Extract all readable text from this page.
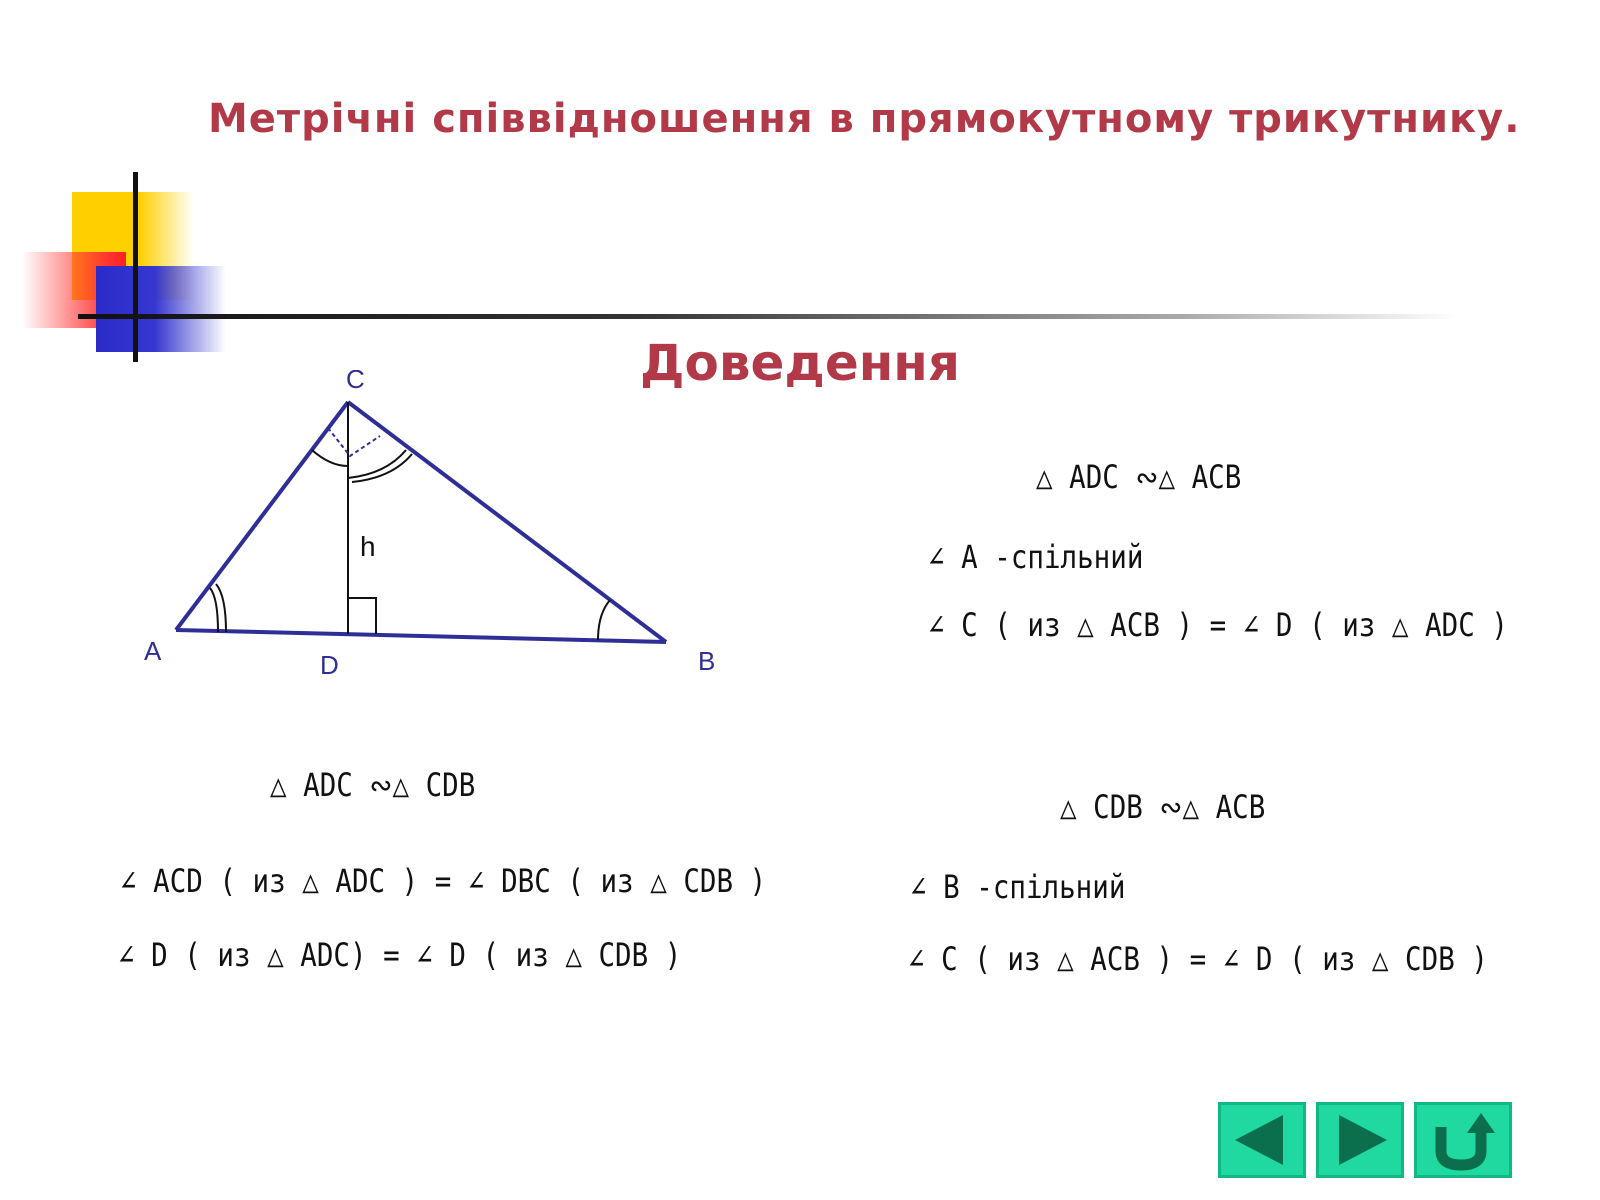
Метрічні співвідношення в прямокутному трикутнику.
Доведення
C
A	D	B
h
△ ADC ∾△ ACB
∠ A -спільний
∠ C ( из △ ACB ) = ∠ D ( из △ ADC )
△ ADC ∾△ CDB
∠ ACD ( из △ ADC ) = ∠ DBC ( из △ CDB )
∠ D ( из △ ADC) = ∠ D ( из △ CDB )
△ CDB ∾△ ACB
∠ B -спільний
∠ C ( из △ ACB ) = ∠ D ( из △ CDB )
